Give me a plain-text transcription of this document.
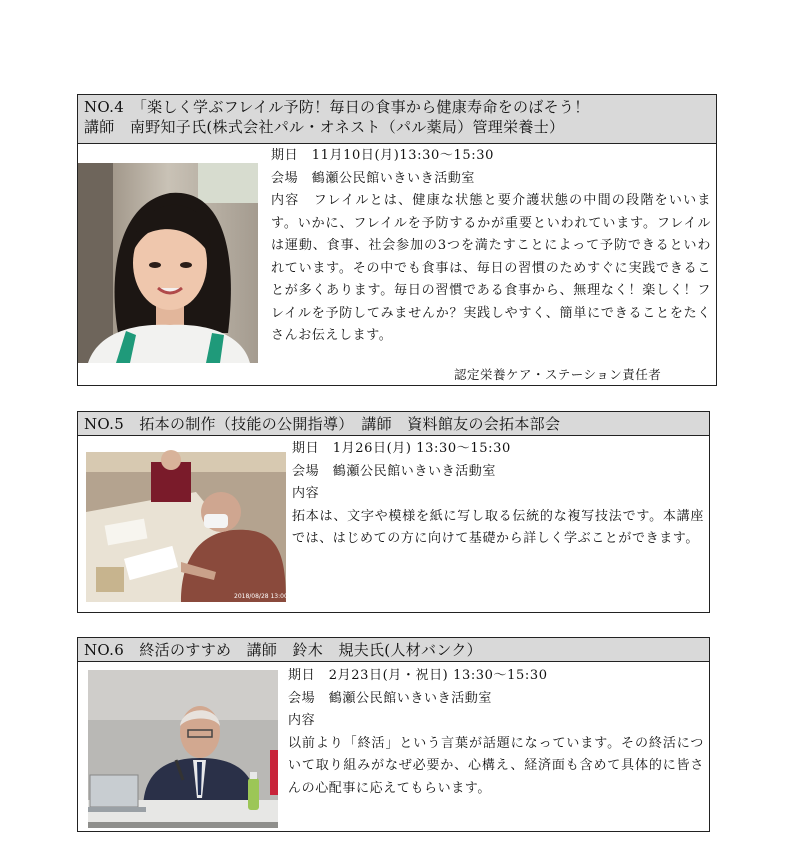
NO.4　「楽しく学ぶフレイル予防！毎日の食事から健康寿命をのばそう！
講師　南野知子氏(株式会社パル・オネスト（パル薬局）管理栄養士）
期日　11月10日(月)13:30〜15:30
会場　鶴瀬公民館いきいき活動室
内容　フレイルとは、健康な状態と要介護状態の中間の段階をいいます。いかに、フレイルを予防するかが重要といわれています。フレイルは運動、食事、社会参加の3つを満たすことによって予防できるといわれています。その中でも食事は、毎日の習慣のためすぐに実践できることが多くあります。毎日の習慣である食事から、無理なく！楽しく！フレイルを予防してみませんか？実践しやすく、簡単にできることをたくさんお伝えします。
認定栄養ケア・ステーション責任者
NO.5　拓本の制作（技能の公開指導）　講師　資料館友の会拓本部会
2018/08/28 13:00:00
期日　1月26日(月) 13:30〜15:30
会場　鶴瀬公民館いきいき活動室
内容
拓本は、文字や模様を紙に写し取る伝統的な複写技法です。本講座では、はじめての方に向けて基礎から詳しく学ぶことができます。
NO.6　終活のすすめ　講師　鈴木　規夫氏(人材バンク）
期日　2月23日(月・祝日) 13:30〜15:30
会場　鶴瀬公民館いきいき活動室
内容
以前より「終活」という言葉が話題になっています。その終活について取り組みがなぜ必要か、心構え、経済面も含めて具体的に皆さんの心配事に応えてもらいます。
